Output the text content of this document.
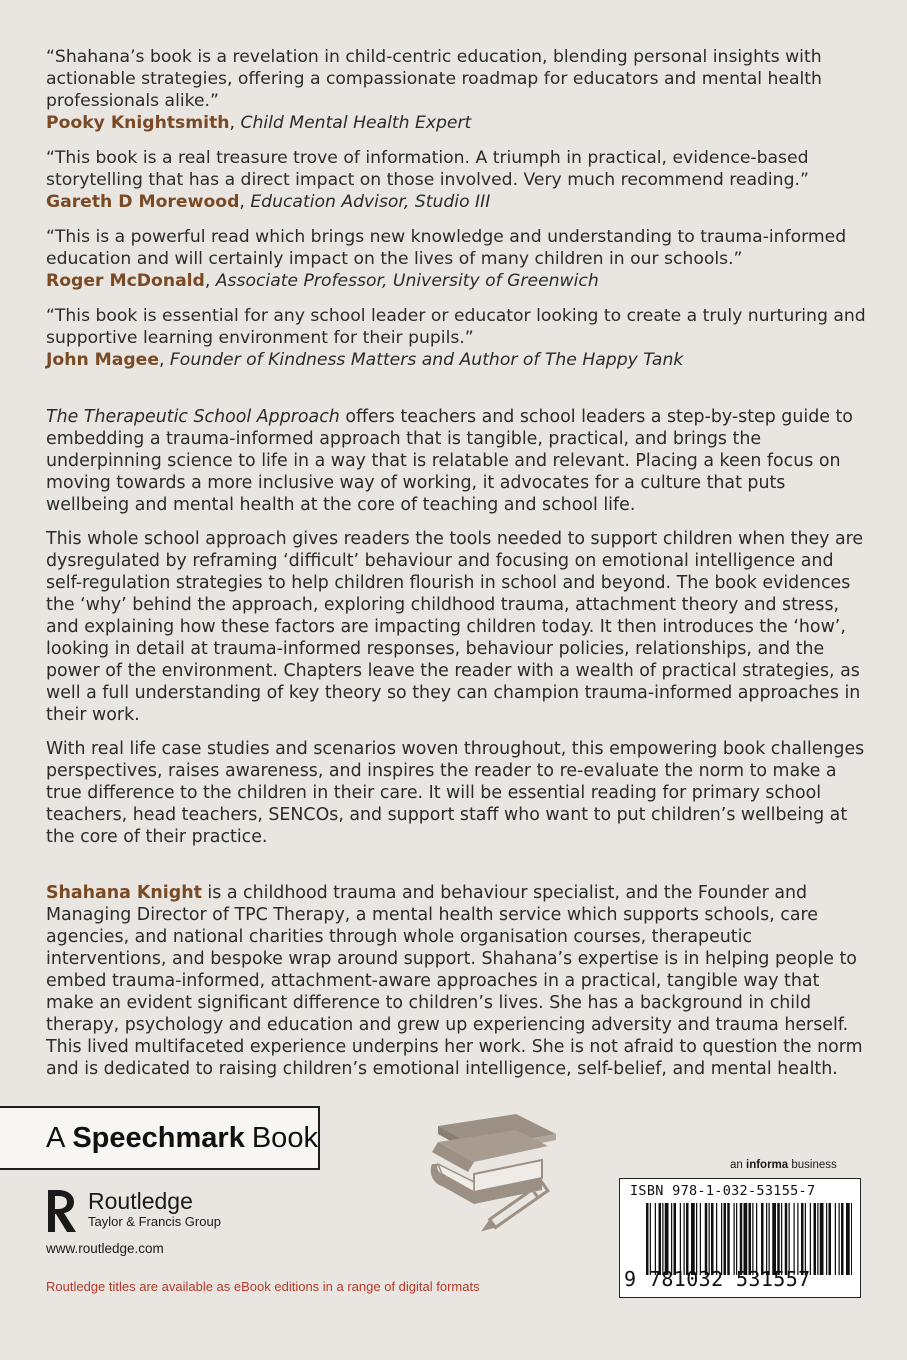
“Shahana’s book is a revelation in child-centric education, blending personal insights with actionable strategies, offering a compassionate roadmap for educators and mental health professionals alike.”
Pooky Knightsmith, Child Mental Health Expert
“This book is a real treasure trove of information. A triumph in practical, evidence-based storytelling that has a direct impact on those involved. Very much recommend reading.”
Gareth D Morewood, Education Advisor, Studio III
“This is a powerful read which brings new knowledge and understanding to trauma-informed education and will certainly impact on the lives of many children in our schools.”
Roger McDonald, Associate Professor, University of Greenwich
“This book is essential for any school leader or educator looking to create a truly nurturing and supportive learning environment for their pupils.”
John Magee, Founder of Kindness Matters and Author of The Happy Tank

The Therapeutic School Approach offers teachers and school leaders a step-by-step guide to embedding a trauma-informed approach that is tangible, practical, and brings the underpinning science to life in a way that is relatable and relevant. Placing a keen focus on moving towards a more inclusive way of working, it advocates for a culture that puts wellbeing and mental health at the core of teaching and school life.

This whole school approach gives readers the tools needed to support children when they are dysregulated by reframing ‘difficult’ behaviour and focusing on emotional intelligence and self-regulation strategies to help children flourish in school and beyond. The book evidences the ‘why’ behind the approach, exploring childhood trauma, attachment theory and stress, and explaining how these factors are impacting children today. It then introduces the ‘how’, looking in detail at trauma-informed responses, behaviour policies, relationships, and the power of the environment. Chapters leave the reader with a wealth of practical strategies, as well a full understanding of key theory so they can champion trauma-informed approaches in their work.

With real life case studies and scenarios woven throughout, this empowering book challenges perspectives, raises awareness, and inspires the reader to re-evaluate the norm to make a true difference to the children in their care. It will be essential reading for primary school teachers, head teachers, SENCOs, and support staff who want to put children’s wellbeing at the core of their practice.

Shahana Knight is a childhood trauma and behaviour specialist, and the Founder and Managing Director of TPC Therapy, a mental health service which supports schools, care agencies, and national charities through whole organisation courses, therapeutic interventions, and bespoke wrap around support. Shahana’s expertise is in helping people to embed trauma-informed, attachment-aware approaches in a practical, tangible way that make an evident significant difference to children’s lives. She has a background in child therapy, psychology and education and grew up experiencing adversity and trauma herself. This lived multifaceted experience underpins her work. She is not afraid to question the norm and is dedicated to raising children’s emotional intelligence, self-belief, and mental health.

A Speechmark Book
Routledge
Taylor & Francis Group
www.routledge.com
Routledge titles are available as eBook editions in a range of digital formats
an informa business
ISBN 978-1-032-53155-7
9 781032 531557
